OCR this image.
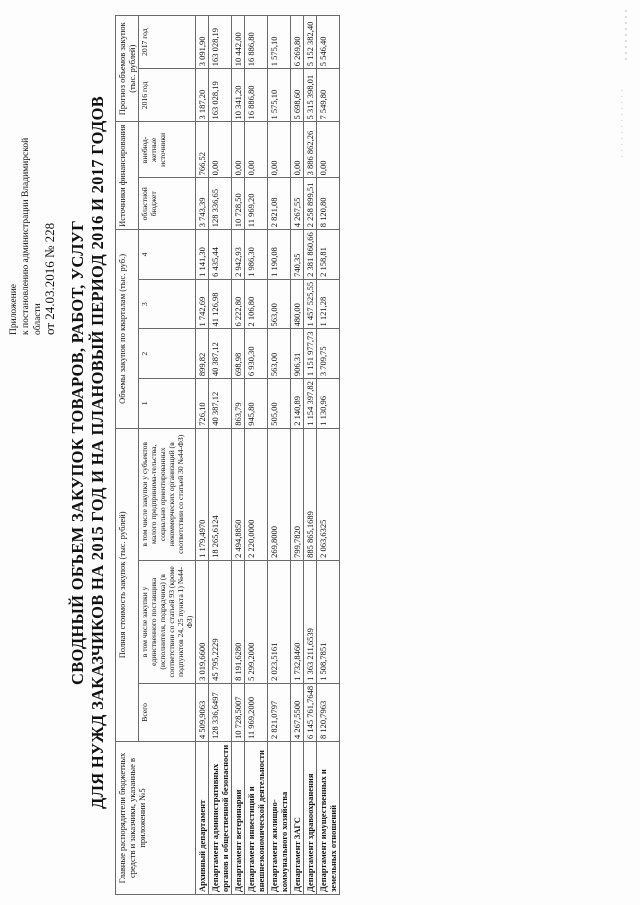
Приложение к постановлению администрации Владимирской области от 24.03.2016 № 228 СВОДНЫЙ ОБЪЕМ ЗАКУПОК ТОВАРОВ, РАБОТ, УСЛУГ ДЛЯ НУЖД ЗАКАЗЧИКОВ НА 2015 ГОД И НА ПЛАНОВЫЙ ПЕРИОД 2016 И 2017 ГОДОВ
Главные распорядители бюджетных средств и заказчики, указанные в приложении №5	Полная стоимость закупок (тыс. рублей)			Объемы закупок по кварталам (тыс. руб.)				Источники финансирования		Прогноз объемов закупок (тыс. рублей)	
	Всего	в том числе закупки у единственного поставщика (исполнителя, подрядчика) (в соответствии со статьей 93 (кроме подпунктов 24, 25 пункта 1) №44-ФЗ)	в том числе закупки у субъектов малого предпринима-тельства, социально ориентированных некоммерческих организаций (в соответствии со статьей 30 №44-ФЗ)	1	2	3	4	областной бюджет	внебюд-жетные источники	2016 год	2017 год
Архивный департамент	4 509,9063	3 019,6600	1 179,4970	726,10	899,82	1 742,69	1 141,30	3 743,39	766,52	3 187,20	3 091,90
Департамент административных органов и общественной безопасности	128 336,6497	45 795,2229	18 265,6124	40 387,12	40 387,12	41 126,98	6 435,44	128 336,65	0,00	163 028,19	163 028,19
Департамент ветеринарии	10 728,5007	8 191,6280	2 494,8850	863,79	698,98	6 222,80	2 942,93	10 728,50	0,00	10 341,20	10 442,00
Департамент инвестиций и внешнеэкономической деятельности	11 969,2000	5 299,2000	2 220,0000	945,80	6 930,30	2 106,80	1 986,30	11 969,20	0,00	16 886,80	16 886,80
Департамент жилищно-коммунального хозяйства	2 821,0797	2 023,5161	269,8000	505,00	563,00	563,00	1 190,08	2 821,08	0,00	1 575,10	1 575,10
Департамент ЗАГС	4 267,5500	1 732,8460	799,7820	2 140,89	906,31	480,00	740,35	4 267,55	0,00	5 698,60	6 269,80
Департамент здравоохранения	6 145 761,7648	1 363 211,6539	885 865,1689	1 154 397,82	1 151 977,73	1 457 525,55	2 381 860,66	2 258 899,51	3 886 862,26	5 315 398,01	5 152 382,40
Департамент имущественных и земельных отношений	8 120,7963	1 508,7851	2 063,6325	1 130,96	3 709,75	1 121,28	2 158,81	8 120,80	0,00	7 549,80	5 546,40
